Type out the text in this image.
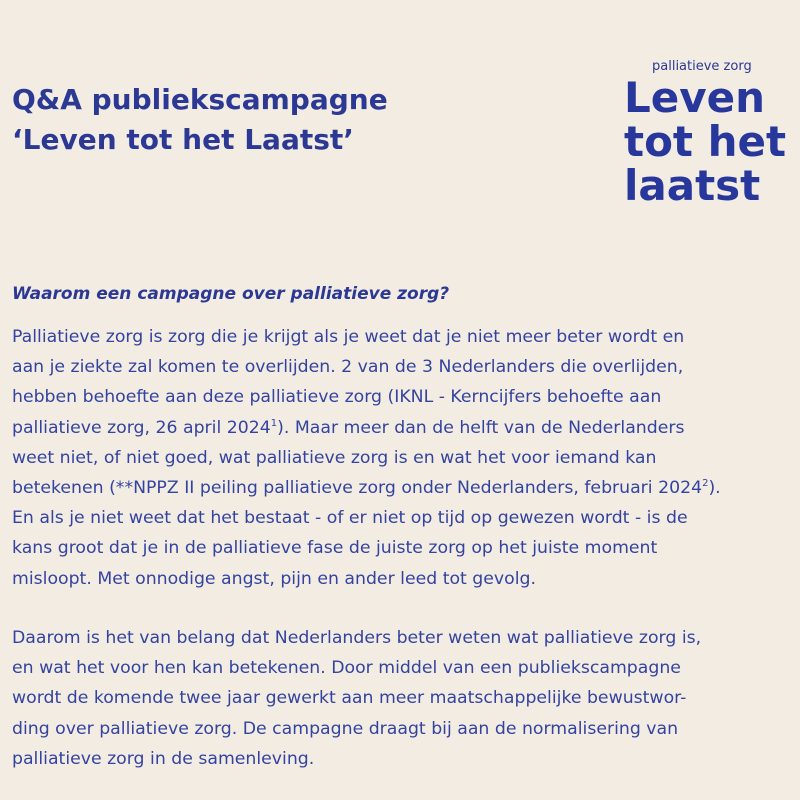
Q&A publiekscampagne
‘Leven tot het Laatst’
palliatieve zorg
Leven
tot het
laatst
Waarom een campagne over palliatieve zorg?
Palliatieve zorg is zorg die je krijgt als je weet dat je niet meer beter wordt en
aan je ziekte zal komen te overlijden. 2 van de 3 Nederlanders die overlijden,
hebben behoefte aan deze palliatieve zorg (IKNL - Kerncijfers behoefte aan
palliatieve zorg, 26 april 2024$^1$). Maar meer dan de helft van de Nederlanders
weet niet, of niet goed, wat palliatieve zorg is en wat het voor iemand kan
betekenen (**NPPZ II peiling palliatieve zorg onder Nederlanders, februari 2024$^2$).
En als je niet weet dat het bestaat - of er niet op tijd op gewezen wordt - is de
kans groot dat je in de palliatieve fase de juiste zorg op het juiste moment
misloopt. Met onnodige angst, pijn en ander leed tot gevolg.
Daarom is het van belang dat Nederlanders beter weten wat palliatieve zorg is,
en wat het voor hen kan betekenen. Door middel van een publiekscampagne
wordt de komende twee jaar gewerkt aan meer maatschappelijke bewustwor-
ding over palliatieve zorg. De campagne draagt bij aan de normalisering van
palliatieve zorg in de samenleving.
